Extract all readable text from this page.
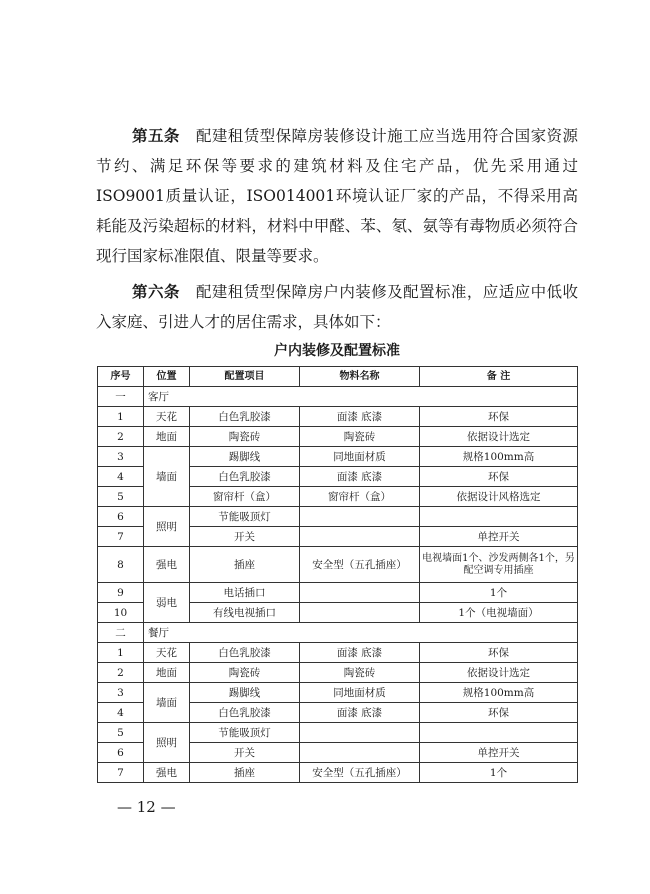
第五条 配建租赁型保障房装修设计施工应当选用符合国家资源节约、满足环保等要求的建筑材料及住宅产品，优先采用通过ISO9001质量认证，ISO014001环境认证厂家的产品，不得采用高耗能及污染超标的材料，材料中甲醛、苯、氡、氨等有毒物质必须符合现行国家标准限值、限量等要求。

第六条 配建租赁型保障房户内装修及配置标准，应适应中低收入家庭、引进人才的居住需求，具体如下：

户内装修及配置标准
序号	位置	配置项目	物料名称	备 注
一	客厅			
1	天花	白色乳胶漆	面漆 底漆	环保
2	地面	陶瓷砖	陶瓷砖	依据设计选定
3	墙面	踢脚线	同地面材质	规格100mm高
4		白色乳胶漆	面漆 底漆	环保
5		窗帘杆（盒）	窗帘杆（盒）	依据设计风格选定
6	照明	节能吸顶灯		
7		开关		单控开关
8	强电	插座	安全型（五孔插座）	电视墙面1个、沙发两侧各1个，另配空调专用插座
9	弱电	电话插口		1个
10		有线电视插口		1个（电视墙面）
二	餐厅			
1	天花	白色乳胶漆	面漆 底漆	环保
2	地面	陶瓷砖	陶瓷砖	依据设计选定
3	墙面	踢脚线	同地面材质	规格100mm高
4		白色乳胶漆	面漆 底漆	环保
5	照明	节能吸顶灯		
6		开关		单控开关
7	强电	插座	安全型（五孔插座）	1个
— 12 —
